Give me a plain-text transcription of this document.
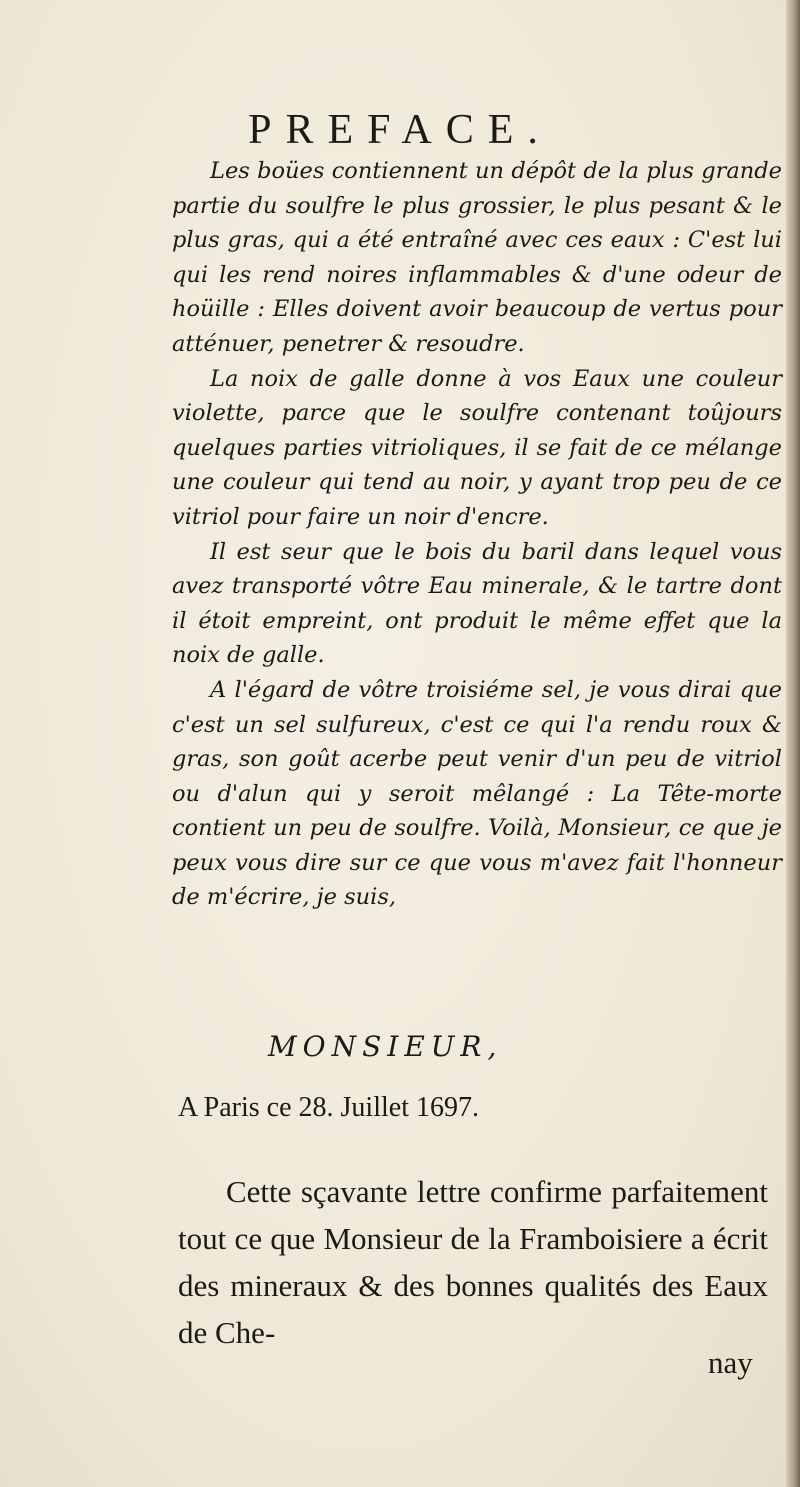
PREFACE.

Les boües contiennent un dépôt de la plus grande partie du soulfre le plus grossier, le plus pesant & le plus gras, qui a été entraîné avec ces eaux : C'est lui qui les rend noires inflammables & d'une odeur de hoüille : Elles doivent avoir beaucoup de vertus pour atténuer, penetrer & resoudre.

La noix de galle donne à vos Eaux une couleur violette, parce que le soulfre contenant toûjours quelques parties vitrioliques, il se fait de ce mélange une couleur qui tend au noir, y ayant trop peu de ce vitriol pour faire un noir d'encre.

Il est seur que le bois du baril dans lequel vous avez transporté vôtre Eau minerale, & le tartre dont il étoit empreint, ont produit le même effet que la noix de galle.

A l'égard de vôtre troisiéme sel, je vous dirai que c'est un sel sulfureux, c'est ce qui l'a rendu roux & gras, son goût acerbe peut venir d'un peu de vitriol ou d'alun qui y seroit mêlangé : La Tête-morte contient un peu de soulfre. Voilà, Monsieur, ce que je peux vous dire sur ce que vous m'avez fait l'honneur de m'écrire, je suis,

MONSIEUR,
A Paris ce 28. Juillet 1697.

Cette sçavante lettre confirme parfaitement tout ce que Monsieur de la Framboisiere a écrit des mineraux & des bonnes qualités des Eaux de Che-

nay
